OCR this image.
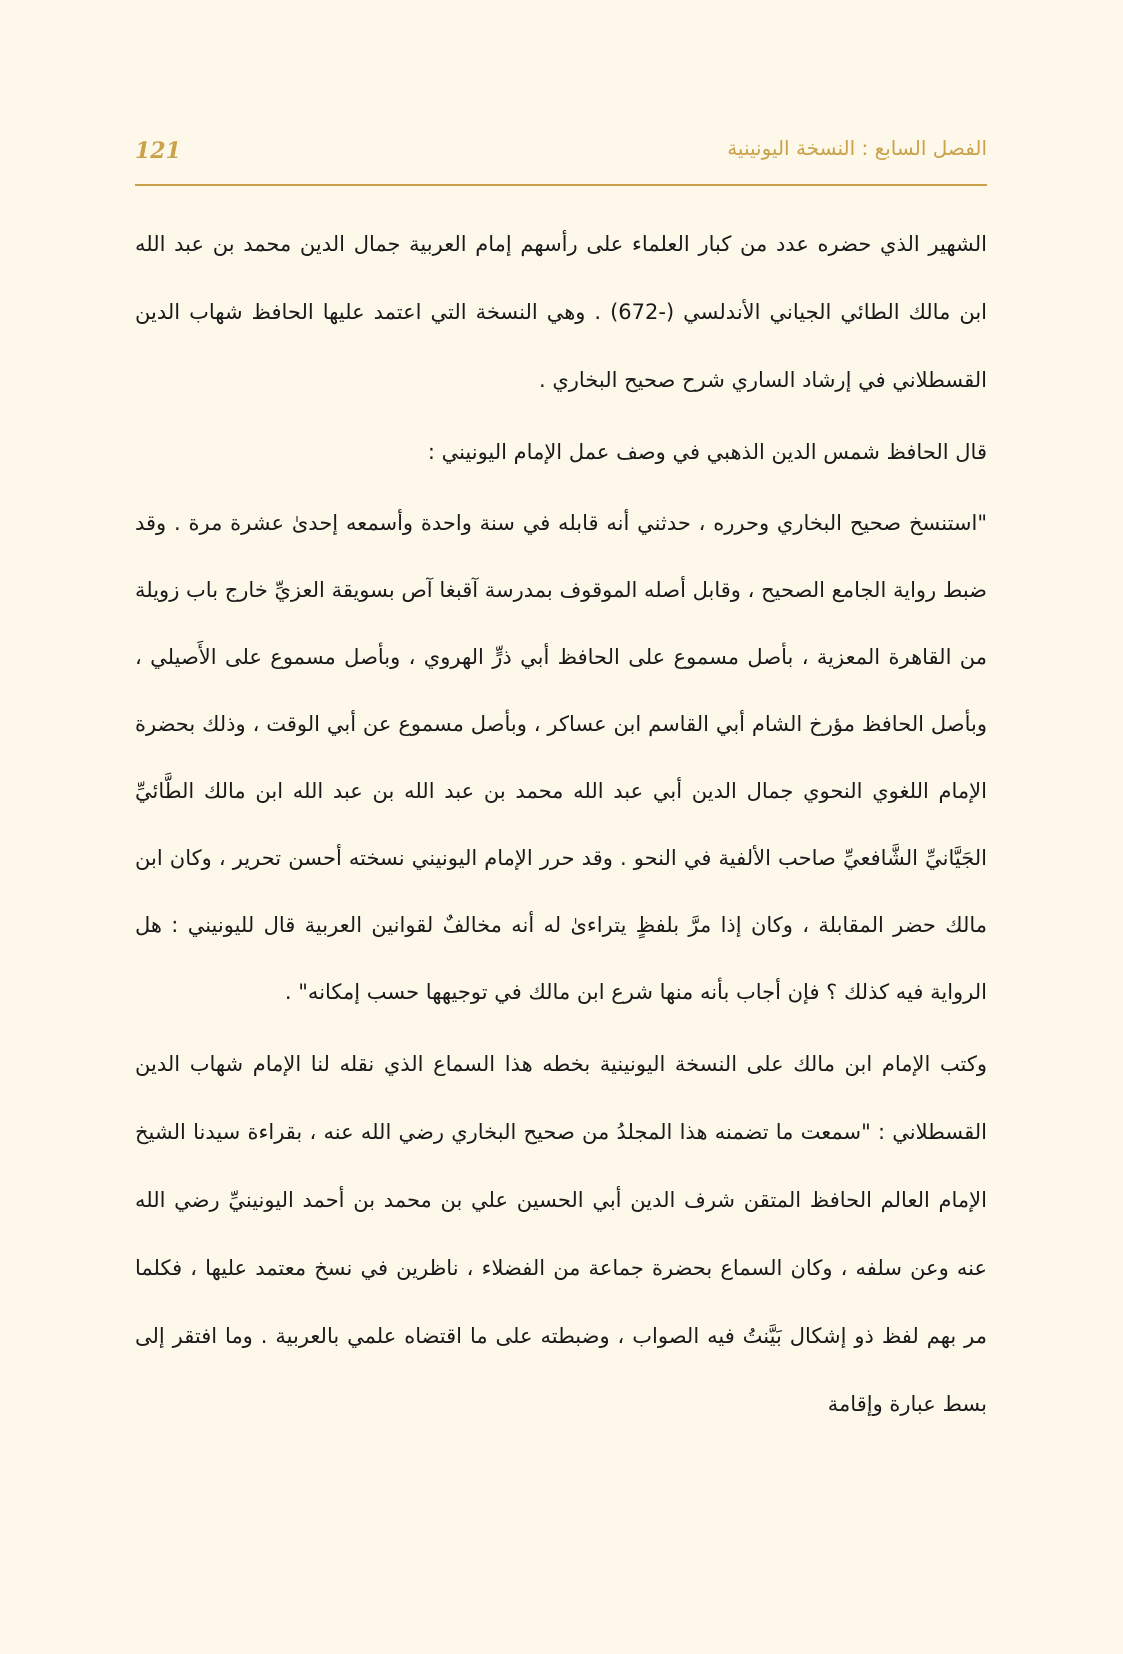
121	الفصل السابع : النسخة اليونينية

الشهير الذي حضره عدد من كبار العلماء على رأسهم إمام العربية جمال الدين محمد بن عبد الله ابن مالك الطائي الجياني الأندلسي (-672) . وهي النسخة التي اعتمد عليها الحافظ شهاب الدين القسطلاني في إرشاد الساري شرح صحيح البخاري .

قال الحافظ شمس الدين الذهبي في وصف عمل الإمام اليونيني :

"استنسخ صحيح البخاري وحرره ، حدثني أنه قابله في سنة واحدة وأسمعه إحدىٰ عشرة مرة . وقد ضبط رواية الجامع الصحيح ، وقابل أصله الموقوف بمدرسة آقبغا آص بسويقة العزيِّ خارج باب زويلة من القاهرة المعزية ، بأصل مسموع على الحافظ أبي ذرٍّ الهروي ، وبأصل مسموع على الأَصيلي ، وبأصل الحافظ مؤرخ الشام أبي القاسم ابن عساكر ، وبأصل مسموع عن أبي الوقت ، وذلك بحضرة الإمام اللغوي النحوي جمال الدين أبي عبد الله محمد بن عبد الله بن عبد الله ابن مالك الطَّائيِّ الجَيَّانيِّ الشَّافعيِّ صاحب الألفية في النحو . وقد حرر الإمام اليونيني نسخته أحسن تحرير ، وكان ابن مالك حضر المقابلة ، وكان إذا مرَّ بلفظٍ يتراءىٰ له أنه مخالفٌ لقوانين العربية قال لليونيني : هل الرواية فيه كذلك ؟ فإن أجاب بأنه منها شرع ابن مالك في توجيهها حسب إمكانه" .

وكتب الإمام ابن مالك على النسخة اليونينية بخطه هذا السماع الذي نقله لنا الإمام شهاب الدين القسطلاني : "سمعت ما تضمنه هذا المجلدُ من صحيح البخاري رضي الله عنه ، بقراءة سيدنا الشيخ الإمام العالم الحافظ المتقن شرف الدين أبي الحسين علي بن محمد بن أحمد اليونينيِّ رضي الله عنه وعن سلفه ، وكان السماع بحضرة جماعة من الفضلاء ، ناظرين في نسخ معتمد عليها ، فكلما مر بهم لفظ ذو إشكال بَيَّنتُ فيه الصواب ، وضبطته على ما اقتضاه علمي بالعربية . وما افتقر إلى بسط عبارة وإقامة
